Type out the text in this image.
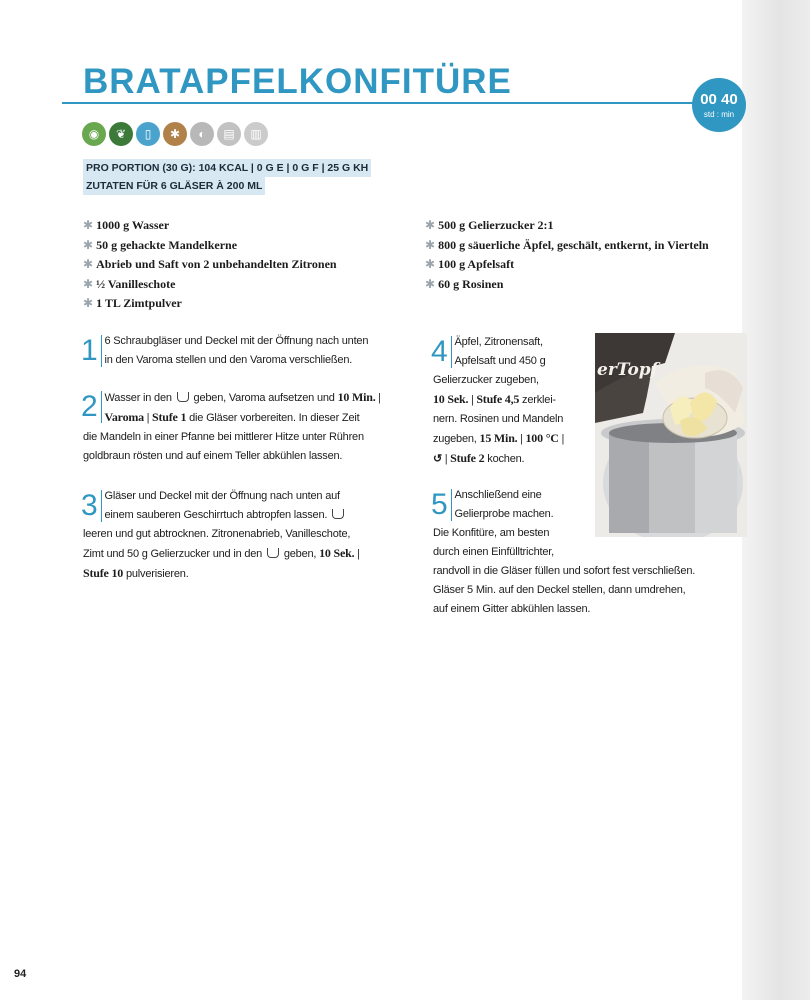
BRATAPFELKONFITÜRE	00 40
std : min
◉	❦	▯	✱	◐	▤	▥
PRO PORTION (30 G): 104 KCAL | 0 G E | 0 G F | 25 G KH
ZUTATEN FÜR 6 GLÄSER À 200 ML
✱ 1000 g Wasser
✱ 50 g gehackte Mandelkerne
✱ Abrieb und Saft von 2 unbehandelten Zitronen
✱ ½ Vanilleschote
✱ 1 TL Zimtpulver
✱ 500 g Gelierzucker 2:1
✱ 800 g säuerliche Äpfel, geschält, entkernt, in Vierteln
✱ 100 g Apfelsaft
✱ 60 g Rosinen
1 6 Schraubgläser und Deckel mit der Öffnung nach unten
in den Varoma stellen und den Varoma verschließen.
2 Wasser in den geben, Varoma aufsetzen und 10 Min. |
Varoma | Stufe 1 die Gläser vorbereiten. In dieser Zeit
die Mandeln in einer Pfanne bei mittlerer Hitze unter Rühren
goldbraun rösten und auf einem Teller abkühlen lassen.
3 Gläser und Deckel mit der Öffnung nach unten auf
einem sauberen Geschirrtuch abtropfen lassen.
leeren und gut abtrocknen. Zitronenabrieb, Vanilleschote,
Zimt und 50 g Gelierzucker und in den geben, 10 Sek. |
Stufe 10 pulverisieren.
4 Äpfel, Zitronensaft,
Apfelsaft und 450 g
Gelierzucker zugeben,
10 Sek. | Stufe 4,5 zerklei-
nern. Rosinen und Mandeln
zugeben, 15 Min. | 100 °C |
↺ | Stufe 2 kochen.
5 Anschließend eine
Gelierprobe machen.
Die Konfitüre, am besten
durch einen Einfülltrichter,
randvoll in die Gläser füllen und sofort fest verschließen.
Gläser 5 Min. auf den Deckel stellen, dann umdrehen,
auf einem Gitter abkühlen lassen.
erTopf
94
